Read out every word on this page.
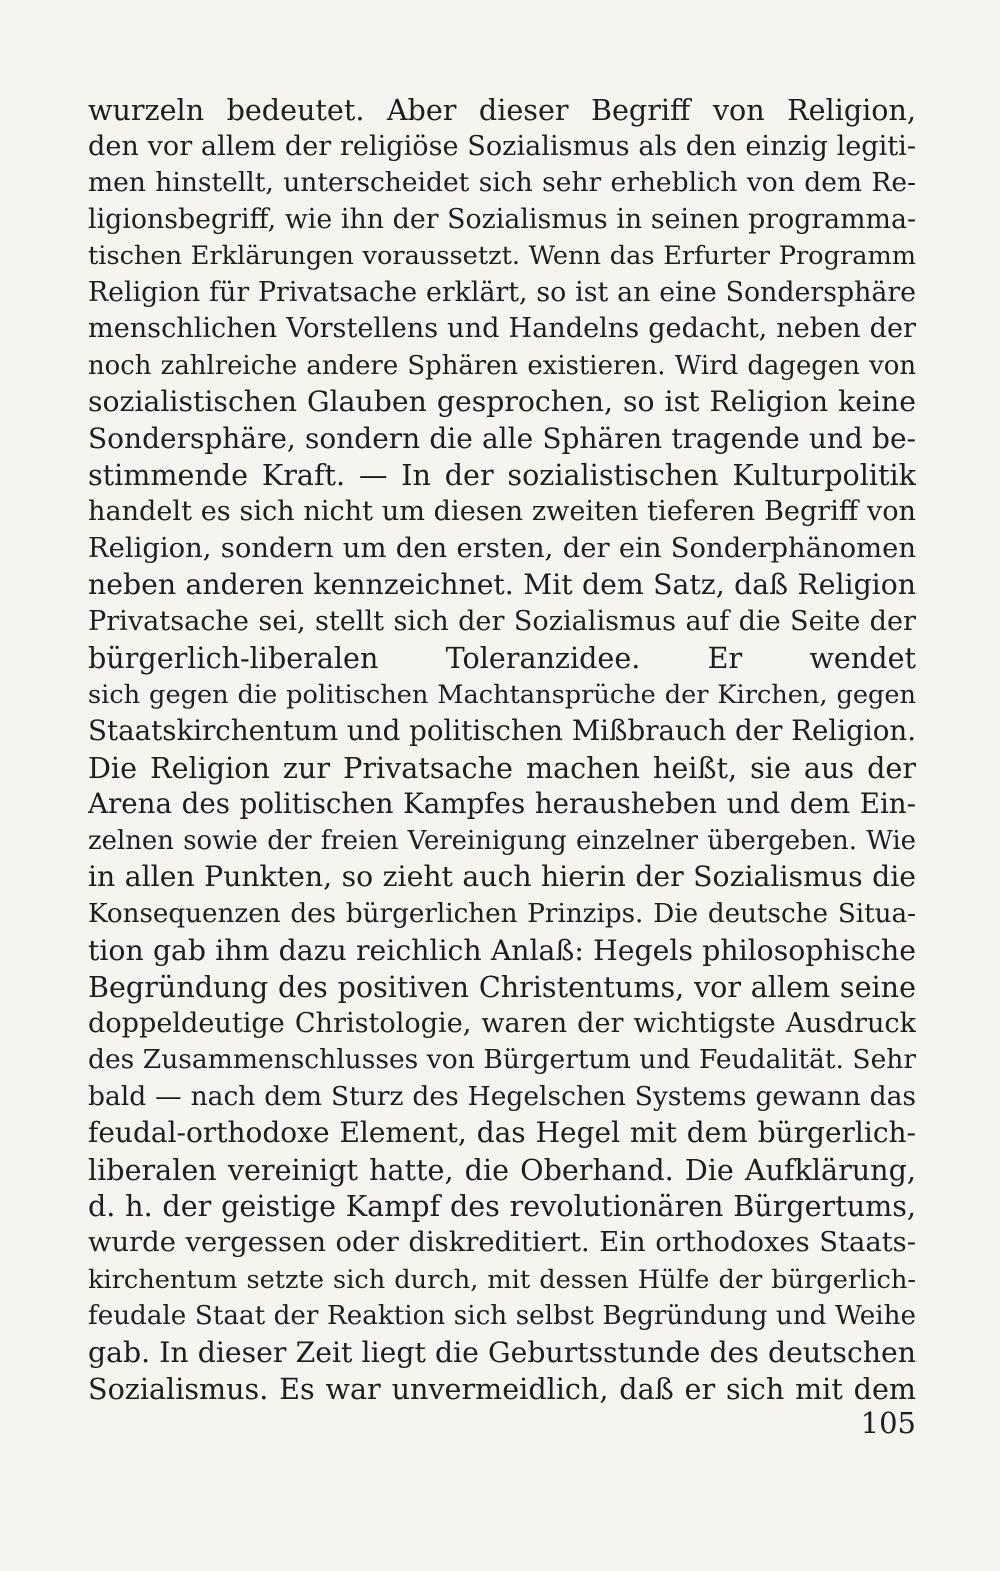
wurzeln bedeutet. Aber dieser Begriff von Religion,
den vor allem der religiöse Sozialismus als den einzig legiti-
men hinstellt, unterscheidet sich sehr erheblich von dem Re-
ligionsbegriff, wie ihn der Sozialismus in seinen programma-
tischen Erklärungen voraussetzt. Wenn das Erfurter Programm
Religion für Privatsache erklärt, so ist an eine Sondersphäre
menschlichen Vorstellens und Handelns gedacht, neben der
noch zahlreiche andere Sphären existieren. Wird dagegen von
sozialistischen Glauben gesprochen, so ist Religion keine
Sondersphäre, sondern die alle Sphären tragende und be-
stimmende Kraft. — In der sozialistischen Kulturpolitik
handelt es sich nicht um diesen zweiten tieferen Begriff von
Religion, sondern um den ersten, der ein Sonderphänomen
neben anderen kennzeichnet. Mit dem Satz, daß Religion
Privatsache sei, stellt sich der Sozialismus auf die Seite der
bürgerlich-liberalen Toleranzidee. Er wendet
sich gegen die politischen Machtansprüche der Kirchen, gegen
Staatskirchentum und politischen Mißbrauch der Religion.
Die Religion zur Privatsache machen heißt, sie aus der
Arena des politischen Kampfes herausheben und dem Ein-
zelnen sowie der freien Vereinigung einzelner übergeben. Wie
in allen Punkten, so zieht auch hierin der Sozialismus die
Konsequenzen des bürgerlichen Prinzips. Die deutsche Situa-
tion gab ihm dazu reichlich Anlaß: Hegels philosophische
Begründung des positiven Christentums, vor allem seine
doppeldeutige Christologie, waren der wichtigste Ausdruck
des Zusammenschlusses von Bürgertum und Feudalität. Sehr
bald — nach dem Sturz des Hegelschen Systems gewann das
feudal-orthodoxe Element, das Hegel mit dem bürgerlich-
liberalen vereinigt hatte, die Oberhand. Die Aufklärung,
d. h. der geistige Kampf des revolutionären Bürgertums,
wurde vergessen oder diskreditiert. Ein orthodoxes Staats-
kirchentum setzte sich durch, mit dessen Hülfe der bürgerlich-
feudale Staat der Reaktion sich selbst Begründung und Weihe
gab. In dieser Zeit liegt die Geburtsstunde des deutschen
Sozialismus. Es war unvermeidlich, daß er sich mit dem
105
